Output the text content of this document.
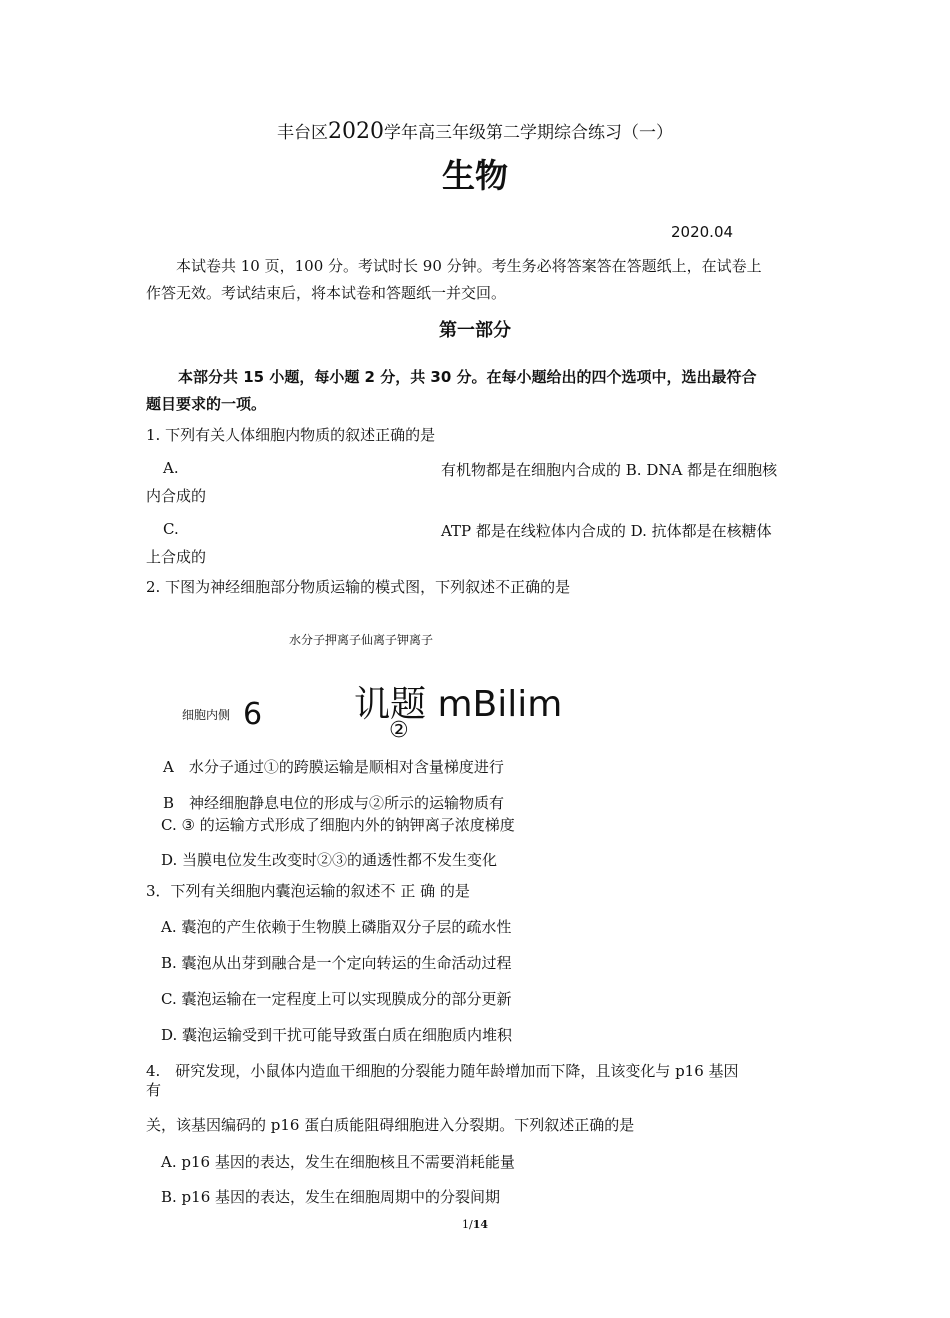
丰台区2020学年高三年级第二学期综合练习（一）
生物
2020.04
本试卷共 10 页，100 分。考试时长 90 分钟。考生务必将答案答在答题纸上，在试卷上
作答无效。考试结束后，将本试卷和答题纸一并交回。
第一部分
本部分共 15 小题，每小题 2 分，共 30 分。在每小题给出的四个选项中，选出最符合
题目要求的一项。
1. 下列有关人体细胞内物质的叙述正确的是
A.	有机物都是在细胞内合成的 B. DNA 都是在细胞核
内合成的
C.	ATP 都是在线粒体内合成的 D. 抗体都是在核糖体
上合成的
2. 下图为神经细胞部分物质运输的模式图，下列叙述不正确的是
水分子押离子仙离子钾离子
细胞内侧 6	讥题 mBilim
②
A　水分子通过①的跨膜运输是顺相对含量梯度进行
B　神经细胞静息电位的形成与②所示的运输物质有
C. ③ 的运输方式形成了细胞内外的钠钾离子浓度梯度
D. 当膜电位发生改变时②③的通透性都不发生变化
3．下列有关细胞内囊泡运输的叙述不 正 确 的是
A. 囊泡的产生依赖于生物膜上磷脂双分子层的疏水性
B. 囊泡从出芽到融合是一个定向转运的生命活动过程
C. 囊泡运输在一定程度上可以实现膜成分的部分更新
D. 囊泡运输受到干扰可能导致蛋白质在细胞质内堆积
4.　研究发现，小鼠体内造血干细胞的分裂能力随年龄增加而下降，且该变化与 p16 基因
有
关，该基因编码的 p16 蛋白质能阻碍细胞进入分裂期。下列叙述正确的是
A. p16 基因的表达，发生在细胞核且不需要消耗能量
B. p16 基因的表达，发生在细胞周期中的分裂间期
1/14
